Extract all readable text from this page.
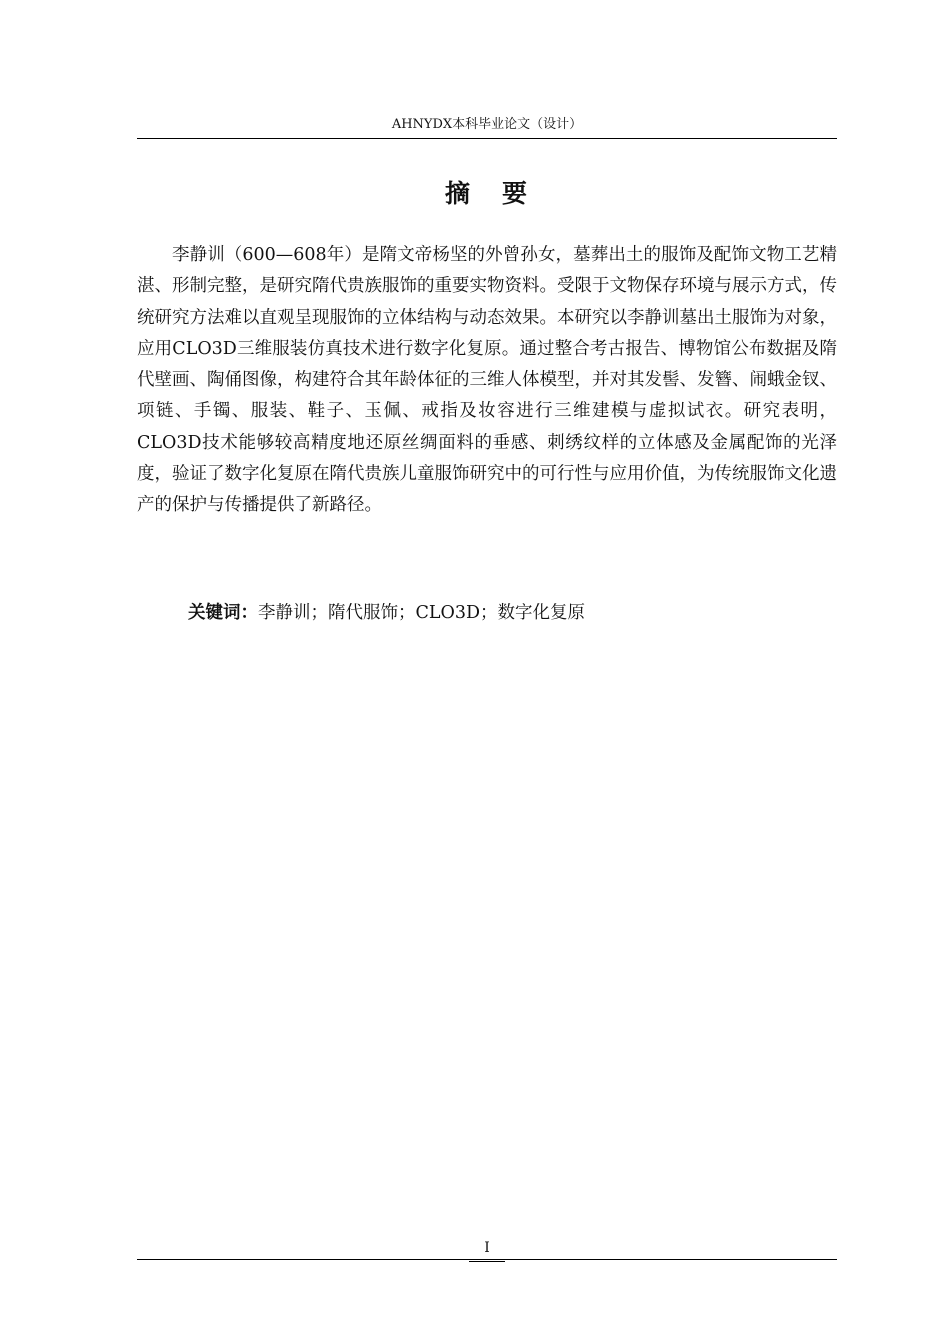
AHNYDX本科毕业论文（设计）
摘 要

李静训（600—608年）是隋文帝杨坚的外曾孙女，墓葬出土的服饰及配饰文物工艺精湛、形制完整，是研究隋代贵族服饰的重要实物资料。受限于文物保存环境与展示方式，传统研究方法难以直观呈现服饰的立体结构与动态效果。本研究以李静训墓出土服饰为对象，应用CLO3D三维服装仿真技术进行数字化复原。通过整合考古报告、博物馆公布数据及隋代壁画、陶俑图像，构建符合其年龄体征的三维人体模型，并对其发髻、发簪、闹蛾金钗、项链、手镯、服装、鞋子、玉佩、戒指及妆容进行三维建模与虚拟试衣。研究表明，CLO3D技术能够较高精度地还原丝绸面料的垂感、刺绣纹样的立体感及金属配饰的光泽度，验证了数字化复原在隋代贵族儿童服饰研究中的可行性与应用价值，为传统服饰文化遗产的保护与传播提供了新路径。

关键词：李静训；隋代服饰；CLO3D；数字化复原
I
